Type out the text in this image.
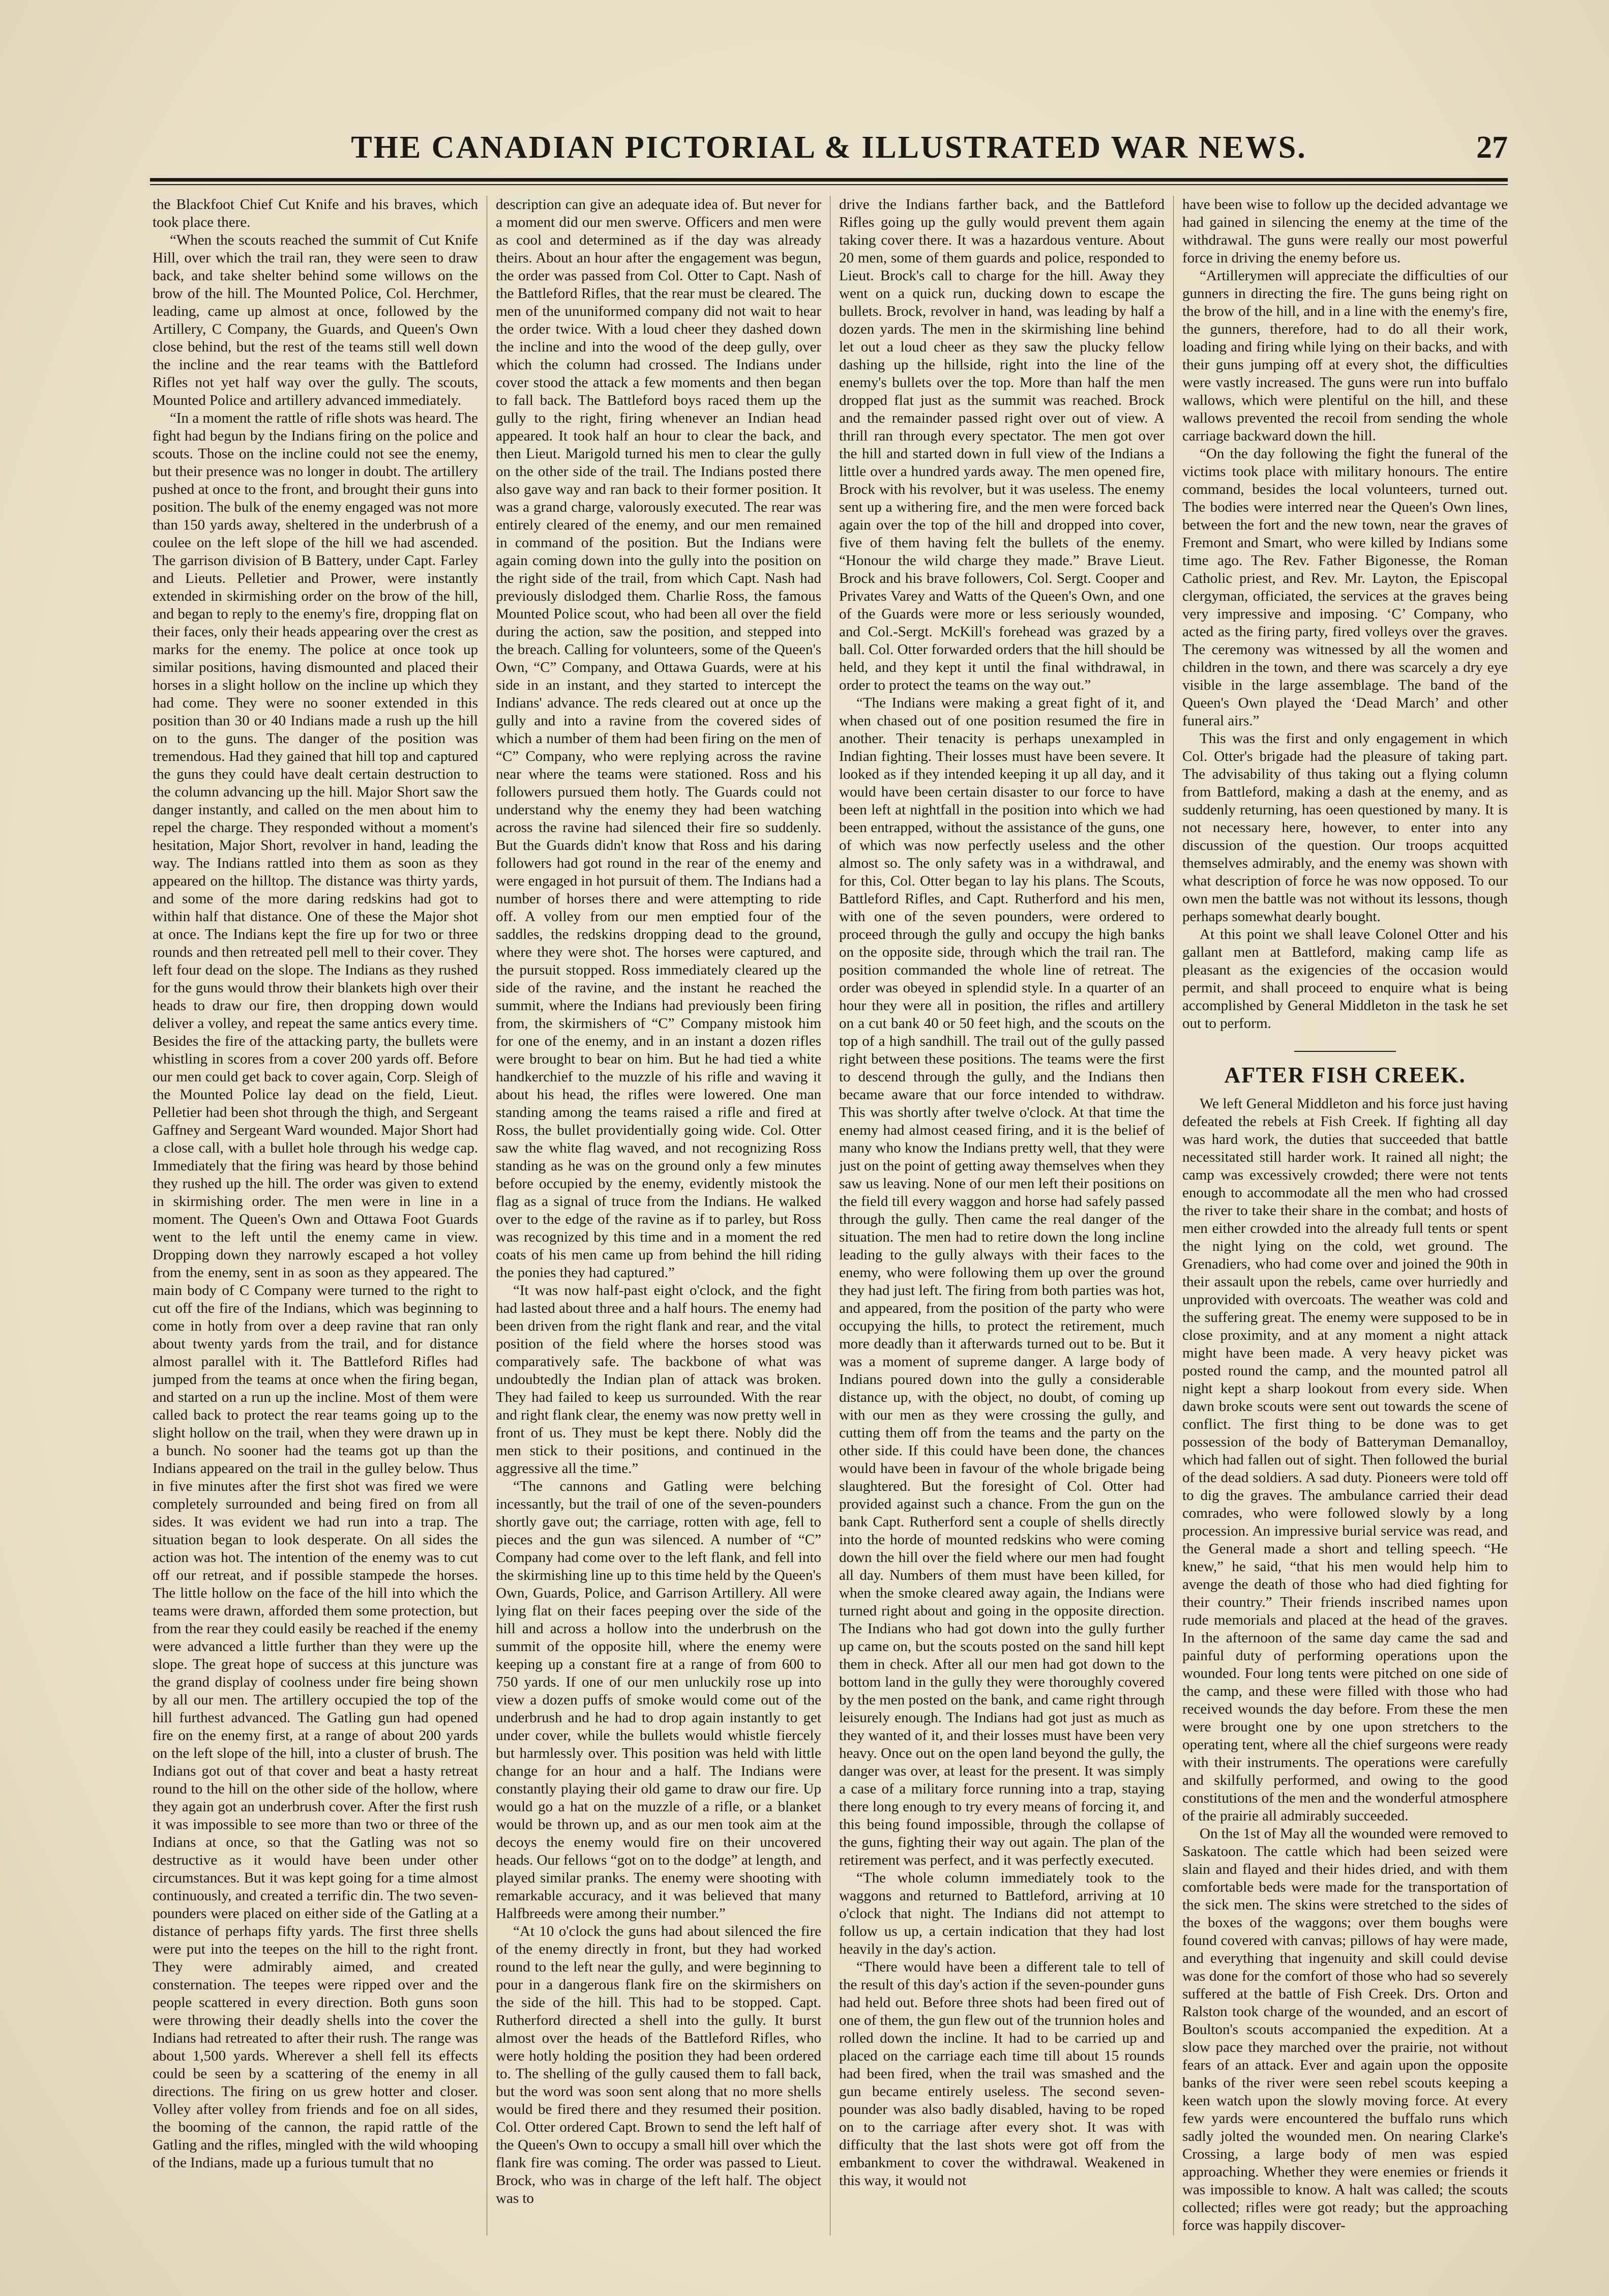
THE CANADIAN PICTORIAL & ILLUSTRATED WAR NEWS.	27

the Blackfoot Chief Cut Knife and his braves, which took place there.

“When the scouts reached the summit of Cut Knife Hill, over which the trail ran, they were seen to draw back, and take shelter behind some willows on the brow of the hill. The Mounted Police, Col. Herchmer, leading, came up almost at once, followed by the Artillery, C Company, the Guards, and Queen's Own close behind, but the rest of the teams still well down the incline and the rear teams with the Battleford Rifles not yet half way over the gully. The scouts, Mounted Police and artillery advanced immediately.

“In a moment the rattle of rifle shots was heard. The fight had begun by the Indians firing on the police and scouts. Those on the incline could not see the enemy, but their presence was no longer in doubt. The artillery pushed at once to the front, and brought their guns into position. The bulk of the enemy engaged was not more than 150 yards away, sheltered in the underbrush of a coulee on the left slope of the hill we had ascended. The garrison division of B Battery, under Capt. Farley and Lieuts. Pelletier and Prower, were instantly extended in skirmishing order on the brow of the hill, and began to reply to the enemy's fire, dropping flat on their faces, only their heads appearing over the crest as marks for the enemy. The police at once took up similar positions, having dismounted and placed their horses in a slight hollow on the incline up which they had come. They were no sooner extended in this position than 30 or 40 Indians made a rush up the hill on to the guns. The danger of the position was tremendous. Had they gained that hill top and captured the guns they could have dealt certain destruction to the column advancing up the hill. Major Short saw the danger instantly, and called on the men about him to repel the charge. They responded without a moment's hesitation, Major Short, revolver in hand, leading the way. The Indians rattled into them as soon as they appeared on the hilltop. The distance was thirty yards, and some of the more daring redskins had got to within half that distance. One of these the Major shot at once. The Indians kept the fire up for two or three rounds and then retreated pell mell to their cover. They left four dead on the slope. The Indians as they rushed for the guns would throw their blankets high over their heads to draw our fire, then dropping down would deliver a volley, and repeat the same antics every time. Besides the fire of the attacking party, the bullets were whistling in scores from a cover 200 yards off. Before our men could get back to cover again, Corp. Sleigh of the Mounted Police lay dead on the field, Lieut. Pelletier had been shot through the thigh, and Sergeant Gaffney and Sergeant Ward wounded. Major Short had a close call, with a bullet hole through his wedge cap. Immediately that the firing was heard by those behind they rushed up the hill. The order was given to extend in skirmishing order. The men were in line in a moment. The Queen's Own and Ottawa Foot Guards went to the left until the enemy came in view. Dropping down they narrowly escaped a hot volley from the enemy, sent in as soon as they appeared. The main body of C Company were turned to the right to cut off the fire of the Indians, which was beginning to come in hotly from over a deep ravine that ran only about twenty yards from the trail, and for distance almost parallel with it. The Battleford Rifles had jumped from the teams at once when the firing began, and started on a run up the incline. Most of them were called back to protect the rear teams going up to the slight hollow on the trail, when they were drawn up in a bunch. No sooner had the teams got up than the Indians appeared on the trail in the gulley below. Thus in five minutes after the first shot was fired we were completely surrounded and being fired on from all sides. It was evident we had run into a trap. The situation began to look desperate. On all sides the action was hot. The intention of the enemy was to cut off our retreat, and if possible stampede the horses. The little hollow on the face of the hill into which the teams were drawn, afforded them some protection, but from the rear they could easily be reached if the enemy were advanced a little further than they were up the slope. The great hope of success at this juncture was the grand display of coolness under fire being shown by all our men. The artillery occupied the top of the hill furthest advanced. The Gatling gun had opened fire on the enemy first, at a range of about 200 yards on the left slope of the hill, into a cluster of brush. The Indians got out of that cover and beat a hasty retreat round to the hill on the other side of the hollow, where they again got an underbrush cover. After the first rush it was impossible to see more than two or three of the Indians at once, so that the Gatling was not so destructive as it would have been under other circumstances. But it was kept going for a time almost continuously, and created a terrific din. The two seven-pounders were placed on either side of the Gatling at a distance of perhaps fifty yards. The first three shells were put into the teepes on the hill to the right front. They were admirably aimed, and created consternation. The teepes were ripped over and the people scattered in every direction. Both guns soon were throwing their deadly shells into the cover the Indians had retreated to after their rush. The range was about 1,500 yards. Wherever a shell fell its effects could be seen by a scattering of the enemy in all directions. The firing on us grew hotter and closer. Volley after volley from friends and foe on all sides, the booming of the cannon, the rapid rattle of the Gatling and the rifles, mingled with the wild whooping of the Indians, made up a furious tumult that no

description can give an adequate idea of. But never for a moment did our men swerve. Officers and men were as cool and determined as if the day was already theirs. About an hour after the engagement was begun, the order was passed from Col. Otter to Capt. Nash of the Battleford Rifles, that the rear must be cleared. The men of the ununiformed company did not wait to hear the order twice. With a loud cheer they dashed down the incline and into the wood of the deep gully, over which the column had crossed. The Indians under cover stood the attack a few moments and then began to fall back. The Battleford boys raced them up the gully to the right, firing whenever an Indian head appeared. It took half an hour to clear the back, and then Lieut. Marigold turned his men to clear the gully on the other side of the trail. The Indians posted there also gave way and ran back to their former position. It was a grand charge, valorously executed. The rear was entirely cleared of the enemy, and our men remained in command of the position. But the Indians were again coming down into the gully into the position on the right side of the trail, from which Capt. Nash had previously dislodged them. Charlie Ross, the famous Mounted Police scout, who had been all over the field during the action, saw the position, and stepped into the breach. Calling for volunteers, some of the Queen's Own, “C” Company, and Ottawa Guards, were at his side in an instant, and they started to intercept the Indians' advance. The reds cleared out at once up the gully and into a ravine from the covered sides of which a number of them had been firing on the men of “C” Company, who were replying across the ravine near where the teams were stationed. Ross and his followers pursued them hotly. The Guards could not understand why the enemy they had been watching across the ravine had silenced their fire so suddenly. But the Guards didn't know that Ross and his daring followers had got round in the rear of the enemy and were engaged in hot pursuit of them. The Indians had a number of horses there and were attempting to ride off. A volley from our men emptied four of the saddles, the redskins dropping dead to the ground, where they were shot. The horses were captured, and the pursuit stopped. Ross immediately cleared up the side of the ravine, and the instant he reached the summit, where the Indians had previously been firing from, the skirmishers of “C” Company mistook him for one of the enemy, and in an instant a dozen rifles were brought to bear on him. But he had tied a white handkerchief to the muzzle of his rifle and waving it about his head, the rifles were lowered. One man standing among the teams raised a rifle and fired at Ross, the bullet providentially going wide. Col. Otter saw the white flag waved, and not recognizing Ross standing as he was on the ground only a few minutes before occupied by the enemy, evidently mistook the flag as a signal of truce from the Indians. He walked over to the edge of the ravine as if to parley, but Ross was recognized by this time and in a moment the red coats of his men came up from behind the hill riding the ponies they had captured.”

“It was now half-past eight o'clock, and the fight had lasted about three and a half hours. The enemy had been driven from the right flank and rear, and the vital position of the field where the horses stood was comparatively safe. The backbone of what was undoubtedly the Indian plan of attack was broken. They had failed to keep us surrounded. With the rear and right flank clear, the enemy was now pretty well in front of us. They must be kept there. Nobly did the men stick to their positions, and continued in the aggressive all the time.”

“The cannons and Gatling were belching incessantly, but the trail of one of the seven-pounders shortly gave out; the carriage, rotten with age, fell to pieces and the gun was silenced. A number of “C” Company had come over to the left flank, and fell into the skirmishing line up to this time held by the Queen's Own, Guards, Police, and Garrison Artillery. All were lying flat on their faces peeping over the side of the hill and across a hollow into the underbrush on the summit of the opposite hill, where the enemy were keeping up a constant fire at a range of from 600 to 750 yards. If one of our men unluckily rose up into view a dozen puffs of smoke would come out of the underbrush and he had to drop again instantly to get under cover, while the bullets would whistle fiercely but harmlessly over. This position was held with little change for an hour and a half. The Indians were constantly playing their old game to draw our fire. Up would go a hat on the muzzle of a rifle, or a blanket would be thrown up, and as our men took aim at the decoys the enemy would fire on their uncovered heads. Our fellows “got on to the dodge” at length, and played similar pranks. The enemy were shooting with remarkable accuracy, and it was believed that many Halfbreeds were among their number.”

“At 10 o'clock the guns had about silenced the fire of the enemy directly in front, but they had worked round to the left near the gully, and were beginning to pour in a dangerous flank fire on the skirmishers on the side of the hill. This had to be stopped. Capt. Rutherford directed a shell into the gully. It burst almost over the heads of the Battleford Rifles, who were hotly holding the position they had been ordered to. The shelling of the gully caused them to fall back, but the word was soon sent along that no more shells would be fired there and they resumed their position. Col. Otter ordered Capt. Brown to send the left half of the Queen's Own to occupy a small hill over which the flank fire was coming. The order was passed to Lieut. Brock, who was in charge of the left half. The object was to

drive the Indians farther back, and the Battleford Rifles going up the gully would prevent them again taking cover there. It was a hazardous venture. About 20 men, some of them guards and police, responded to Lieut. Brock's call to charge for the hill. Away they went on a quick run, ducking down to escape the bullets. Brock, revolver in hand, was leading by half a dozen yards. The men in the skirmishing line behind let out a loud cheer as they saw the plucky fellow dashing up the hillside, right into the line of the enemy's bullets over the top. More than half the men dropped flat just as the summit was reached. Brock and the remainder passed right over out of view. A thrill ran through every spectator. The men got over the hill and started down in full view of the Indians a little over a hundred yards away. The men opened fire, Brock with his revolver, but it was useless. The enemy sent up a withering fire, and the men were forced back again over the top of the hill and dropped into cover, five of them having felt the bullets of the enemy. “Honour the wild charge they made.” Brave Lieut. Brock and his brave followers, Col. Sergt. Cooper and Privates Varey and Watts of the Queen's Own, and one of the Guards were more or less seriously wounded, and Col.-Sergt. McKill's forehead was grazed by a ball. Col. Otter forwarded orders that the hill should be held, and they kept it until the final withdrawal, in order to protect the teams on the way out.”

“The Indians were making a great fight of it, and when chased out of one position resumed the fire in another. Their tenacity is perhaps unexampled in Indian fighting. Their losses must have been severe. It looked as if they intended keeping it up all day, and it would have been certain disaster to our force to have been left at nightfall in the position into which we had been entrapped, without the assistance of the guns, one of which was now perfectly useless and the other almost so. The only safety was in a withdrawal, and for this, Col. Otter began to lay his plans. The Scouts, Battleford Rifles, and Capt. Rutherford and his men, with one of the seven pounders, were ordered to proceed through the gully and occupy the high banks on the opposite side, through which the trail ran. The position commanded the whole line of retreat. The order was obeyed in splendid style. In a quarter of an hour they were all in position, the rifles and artillery on a cut bank 40 or 50 feet high, and the scouts on the top of a high sandhill. The trail out of the gully passed right between these positions. The teams were the first to descend through the gully, and the Indians then became aware that our force intended to withdraw. This was shortly after twelve o'clock. At that time the enemy had almost ceased firing, and it is the belief of many who know the Indians pretty well, that they were just on the point of getting away themselves when they saw us leaving. None of our men left their positions on the field till every waggon and horse had safely passed through the gully. Then came the real danger of the situation. The men had to retire down the long incline leading to the gully always with their faces to the enemy, who were following them up over the ground they had just left. The firing from both parties was hot, and appeared, from the position of the party who were occupying the hills, to protect the retirement, much more deadly than it afterwards turned out to be. But it was a moment of supreme danger. A large body of Indians poured down into the gully a considerable distance up, with the object, no doubt, of coming up with our men as they were crossing the gully, and cutting them off from the teams and the party on the other side. If this could have been done, the chances would have been in favour of the whole brigade being slaughtered. But the foresight of Col. Otter had provided against such a chance. From the gun on the bank Capt. Rutherford sent a couple of shells directly into the horde of mounted redskins who were coming down the hill over the field where our men had fought all day. Numbers of them must have been killed, for when the smoke cleared away again, the Indians were turned right about and going in the opposite direction. The Indians who had got down into the gully further up came on, but the scouts posted on the sand hill kept them in check. After all our men had got down to the bottom land in the gully they were thoroughly covered by the men posted on the bank, and came right through leisurely enough. The Indians had got just as much as they wanted of it, and their losses must have been very heavy. Once out on the open land beyond the gully, the danger was over, at least for the present. It was simply a case of a military force running into a trap, staying there long enough to try every means of forcing it, and this being found impossible, through the collapse of the guns, fighting their way out again. The plan of the retirement was perfect, and it was perfectly executed.

“The whole column immediately took to the waggons and returned to Battleford, arriving at 10 o'clock that night. The Indians did not attempt to follow us up, a certain indication that they had lost heavily in the day's action.

“There would have been a different tale to tell of the result of this day's action if the seven-pounder guns had held out. Before three shots had been fired out of one of them, the gun flew out of the trunnion holes and rolled down the incline. It had to be carried up and placed on the carriage each time till about 15 rounds had been fired, when the trail was smashed and the gun became entirely useless. The second seven-pounder was also badly disabled, having to be roped on to the carriage after every shot. It was with difficulty that the last shots were got off from the embankment to cover the withdrawal. Weakened in this way, it would not

have been wise to follow up the decided advantage we had gained in silencing the enemy at the time of the withdrawal. The guns were really our most powerful force in driving the enemy before us.

“Artillerymen will appreciate the difficulties of our gunners in directing the fire. The guns being right on the brow of the hill, and in a line with the enemy's fire, the gunners, therefore, had to do all their work, loading and firing while lying on their backs, and with their guns jumping off at every shot, the difficulties were vastly increased. The guns were run into buffalo wallows, which were plentiful on the hill, and these wallows prevented the recoil from sending the whole carriage backward down the hill.

“On the day following the fight the funeral of the victims took place with military honours. The entire command, besides the local volunteers, turned out. The bodies were interred near the Queen's Own lines, between the fort and the new town, near the graves of Fremont and Smart, who were killed by Indians some time ago. The Rev. Father Bigonesse, the Roman Catholic priest, and Rev. Mr. Layton, the Episcopal clergyman, officiated, the services at the graves being very impressive and imposing. ‘C’ Company, who acted as the firing party, fired volleys over the graves. The ceremony was witnessed by all the women and children in the town, and there was scarcely a dry eye visible in the large assemblage. The band of the Queen's Own played the ‘Dead March’ and other funeral airs.”

This was the first and only engagement in which Col. Otter's brigade had the pleasure of taking part. The advisability of thus taking out a flying column from Battleford, making a dash at the enemy, and as suddenly returning, has oeen questioned by many. It is not necessary here, however, to enter into any discussion of the question. Our troops acquitted themselves admirably, and the enemy was shown with what description of force he was now opposed. To our own men the battle was not without its lessons, though perhaps somewhat dearly bought.

At this point we shall leave Colonel Otter and his gallant men at Battleford, making camp life as pleasant as the exigencies of the occasion would permit, and shall proceed to enquire what is being accomplished by General Middleton in the task he set out to perform.

AFTER FISH CREEK.

We left General Middleton and his force just having defeated the rebels at Fish Creek. If fighting all day was hard work, the duties that succeeded that battle necessitated still harder work. It rained all night; the camp was excessively crowded; there were not tents enough to accommodate all the men who had crossed the river to take their share in the combat; and hosts of men either crowded into the already full tents or spent the night lying on the cold, wet ground. The Grenadiers, who had come over and joined the 90th in their assault upon the rebels, came over hurriedly and unprovided with overcoats. The weather was cold and the suffering great. The enemy were supposed to be in close proximity, and at any moment a night attack might have been made. A very heavy picket was posted round the camp, and the mounted patrol all night kept a sharp lookout from every side. When dawn broke scouts were sent out towards the scene of conflict. The first thing to be done was to get possession of the body of Batteryman Demanalloy, which had fallen out of sight. Then followed the burial of the dead soldiers. A sad duty. Pioneers were told off to dig the graves. The ambulance carried their dead comrades, who were followed slowly by a long procession. An impressive burial service was read, and the General made a short and telling speech. “He knew,” he said, “that his men would help him to avenge the death of those who had died fighting for their country.” Their friends inscribed names upon rude memorials and placed at the head of the graves. In the afternoon of the same day came the sad and painful duty of performing operations upon the wounded. Four long tents were pitched on one side of the camp, and these were filled with those who had received wounds the day before. From these the men were brought one by one upon stretchers to the operating tent, where all the chief surgeons were ready with their instruments. The operations were carefully and skilfully performed, and owing to the good constitutions of the men and the wonderful atmosphere of the prairie all admirably succeeded.

On the 1st of May all the wounded were removed to Saskatoon. The cattle which had been seized were slain and flayed and their hides dried, and with them comfortable beds were made for the transportation of the sick men. The skins were stretched to the sides of the boxes of the waggons; over them boughs were found covered with canvas; pillows of hay were made, and everything that ingenuity and skill could devise was done for the comfort of those who had so severely suffered at the battle of Fish Creek. Drs. Orton and Ralston took charge of the wounded, and an escort of Boulton's scouts accompanied the expedition. At a slow pace they marched over the prairie, not without fears of an attack. Ever and again upon the opposite banks of the river were seen rebel scouts keeping a keen watch upon the slowly moving force. At every few yards were encountered the buffalo runs which sadly jolted the wounded men. On nearing Clarke's Crossing, a large body of men was espied approaching. Whether they were enemies or friends it was impossible to know. A halt was called; the scouts collected; rifles were got ready; but the approaching force was happily discover-
